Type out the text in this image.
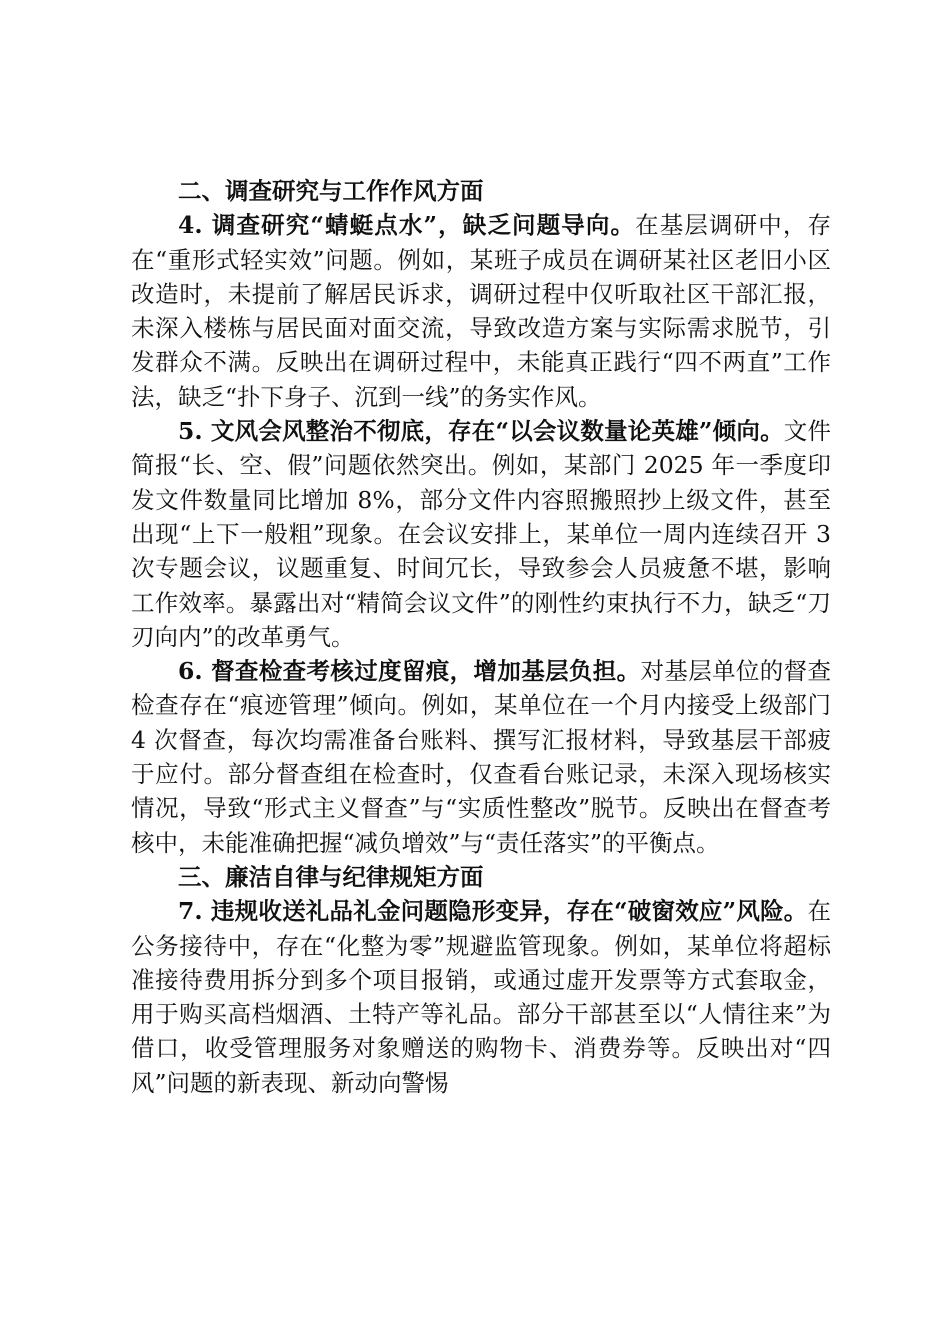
二、调查研究与工作作风方面

4. 调查研究“蜻蜓点水”，缺乏问题导向。在基层调研中，存在“重形式轻实效”问题。例如，某班子成员在调研某社区老旧小区改造时，未提前了解居民诉求，调研过程中仅听取社区干部汇报，未深入楼栋与居民面对面交流，导致改造方案与实际需求脱节，引发群众不满。反映出在调研过程中，未能真正践行“四不两直”工作法，缺乏“扑下身子、沉到一线”的务实作风。

5. 文风会风整治不彻底，存在“以会议数量论英雄”倾向。文件简报“长、空、假”问题依然突出。例如，某部门 2025 年一季度印发文件数量同比增加 8%，部分文件内容照搬照抄上级文件，甚至出现“上下一般粗”现象。在会议安排上，某单位一周内连续召开 3 次专题会议，议题重复、时间冗长，导致参会人员疲惫不堪，影响工作效率。暴露出对“精简会议文件”的刚性约束执行不力，缺乏“刀刃向内”的改革勇气。

6. 督查检查考核过度留痕，增加基层负担。对基层单位的督查检查存在“痕迹管理”倾向。例如，某单位在一个月内接受上级部门 4 次督查，每次均需准备台账料、撰写汇报材料，导致基层干部疲于应付。部分督查组在检查时，仅查看台账记录，未深入现场核实情况，导致“形式主义督查”与“实质性整改”脱节。反映出在督查考核中，未能准确把握“减负增效”与“责任落实”的平衡点。

三、廉洁自律与纪律规矩方面

7. 违规收送礼品礼金问题隐形变异，存在“破窗效应”风险。在公务接待中，存在“化整为零”规避监管现象。例如，某单位将超标准接待费用拆分到多个项目报销，或通过虚开发票等方式套取金，用于购买高档烟酒、土特产等礼品。部分干部甚至以“人情往来”为借口，收受管理服务对象赠送的购物卡、消费券等。反映出对“四风”问题的新表现、新动向警惕
